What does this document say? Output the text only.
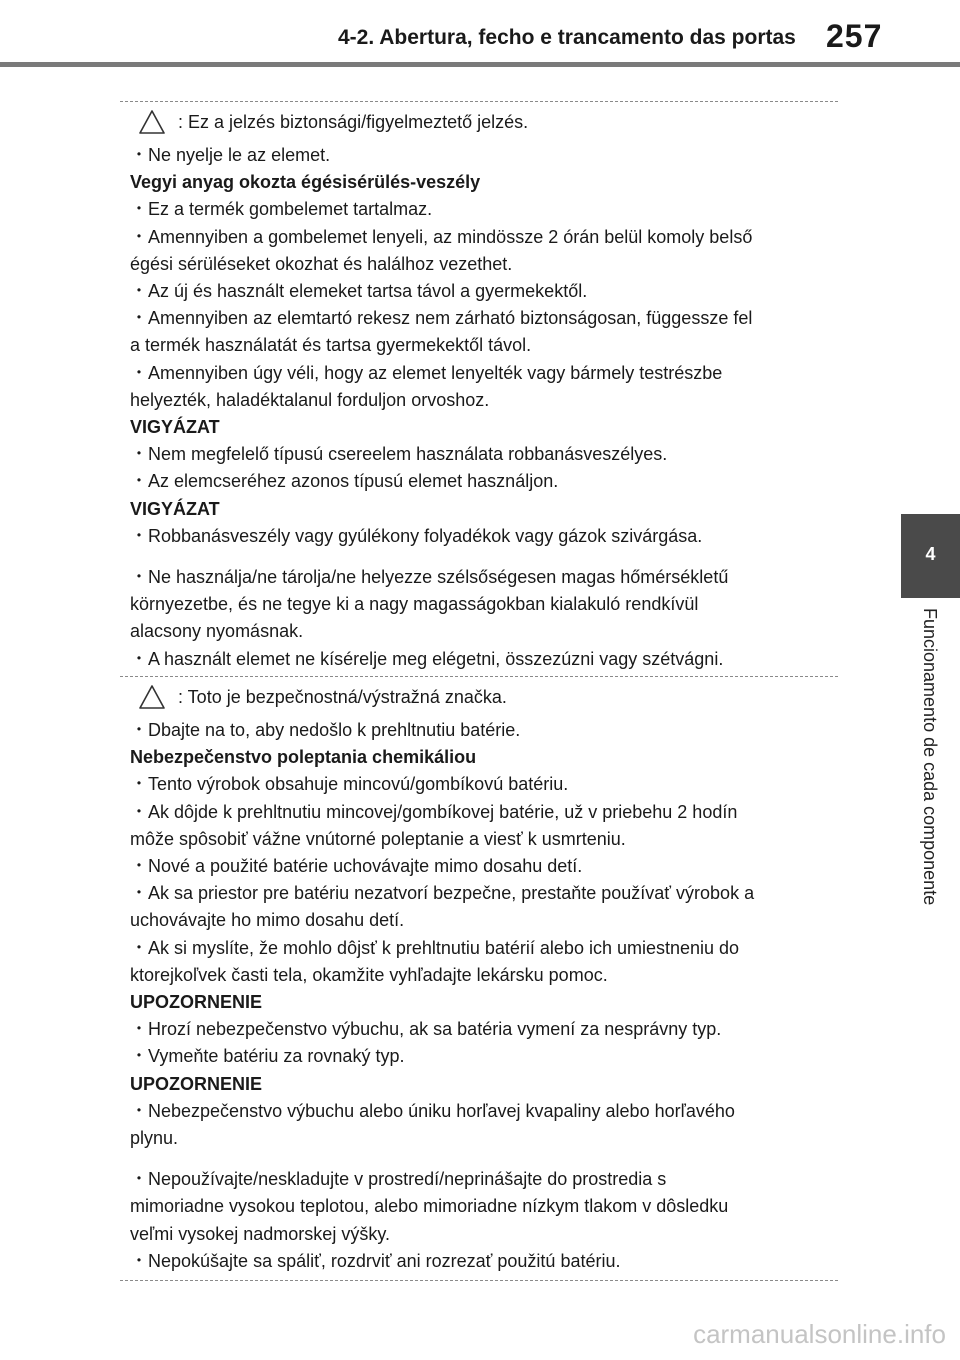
4-2. Abertura, fecho e trancamento das portas 257
4
Funcionamento de cada componente
: Ez a jelzés biztonsági/figyelmeztető jelzés.
・Ne nyelje le az elemet.
Vegyi anyag okozta égésisérülés-veszély
・Ez a termék gombelemet tartalmaz.
・Amennyiben a gombelemet lenyeli, az mindössze 2 órán belül komoly belső
égési sérüléseket okozhat és halálhoz vezethet.
・Az új és használt elemeket tartsa távol a gyermekektől.
・Amennyiben az elemtartó rekesz nem zárható biztonságosan, függessze fel
a termék használatát és tartsa gyermekektől távol.
・Amennyiben úgy véli, hogy az elemet lenyelték vagy bármely testrészbe
helyezték, haladéktalanul forduljon orvoshoz.
VIGYÁZAT
・Nem megfelelő típusú csereelem használata robbanásveszélyes.
・Az elemcseréhez azonos típusú elemet használjon.
VIGYÁZAT
・Robbanásveszély vagy gyúlékony folyadékok vagy gázok szivárgása.
・Ne használja/ne tárolja/ne helyezze szélsőségesen magas hőmérsékletű
környezetbe, és ne tegye ki a nagy magasságokban kialakuló rendkívül
alacsony nyomásnak.
・A használt elemet ne kísérelje meg elégetni, összezúzni vagy szétvágni.
: Toto je bezpečnostná/výstražná značka.
・Dbajte na to, aby nedošlo k prehltnutiu batérie.
Nebezpečenstvo poleptania chemikáliou
・Tento výrobok obsahuje mincovú/gombíkovú batériu.
・Ak dôjde k prehltnutiu mincovej/gombíkovej batérie, už v priebehu 2 hodín
môže spôsobiť vážne vnútorné poleptanie a viesť k usmrteniu.
・Nové a použité batérie uchovávajte mimo dosahu detí.
・Ak sa priestor pre batériu nezatvorí bezpečne, prestaňte používať výrobok a
uchovávajte ho mimo dosahu detí.
・Ak si myslíte, že mohlo dôjsť k prehltnutiu batérií alebo ich umiestneniu do
ktorejkoľvek časti tela, okamžite vyhľadajte lekársku pomoc.
UPOZORNENIE
・Hrozí nebezpečenstvo výbuchu, ak sa batéria vymení za nesprávny typ.
・Vymeňte batériu za rovnaký typ.
UPOZORNENIE
・Nebezpečenstvo výbuchu alebo úniku horľavej kvapaliny alebo horľavého
plynu.
・Nepoužívajte/neskladujte v prostredí/neprinášajte do prostredia s
mimoriadne vysokou teplotou, alebo mimoriadne nízkym tlakom v dôsledku
veľmi vysokej nadmorskej výšky.
・Nepokúšajte sa spáliť, rozdrviť ani rozrezať použitú batériu.
carmanualsonline.info
